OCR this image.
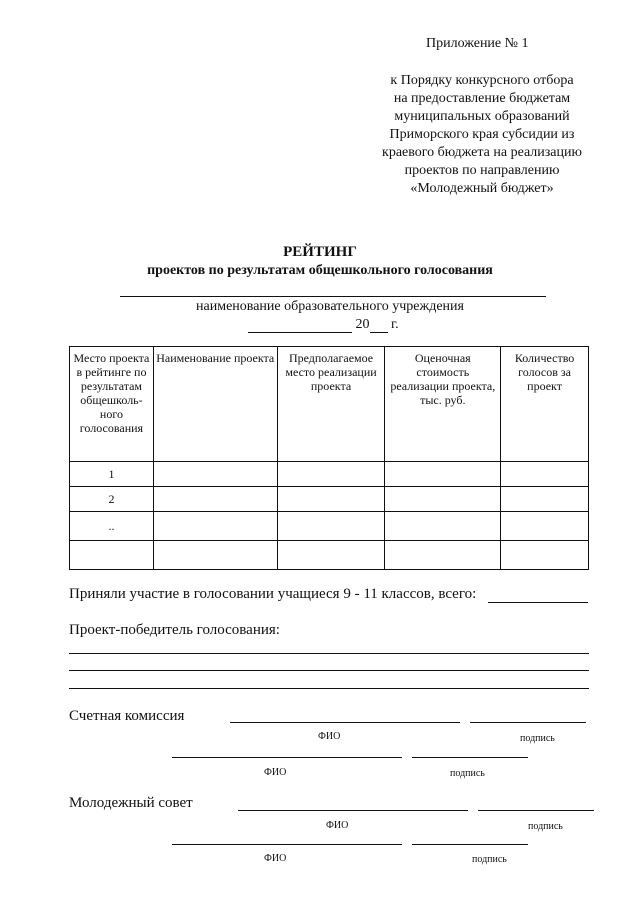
Приложение № 1
к Порядку конкурсного отбора
на предоставление бюджетам
муниципальных образований
Приморского края субсидии из
краевого бюджета на реализацию
проектов по направлению
«Молодежный бюджет»
РЕЙТИНГ
проектов по результатам общешкольного голосования
наименование образовательного учреждения
20 г.
Место проекта в рейтинге по результатам общешколь-ного голосования	Наименование проекта	Предполагаемое место реализации проекта	Оценочная стоимость реализации проекта, тыс. руб.	Количество голосов за проект
1				
2				
..				

Приняли участие в голосовании учащиеся 9 - 11 классов, всего:
Проект-победитель голосования:
Счетная комиссия
ФИО	подпись
ФИО	подпись
Молодежный совет
ФИО	подпись
ФИО	подпись
